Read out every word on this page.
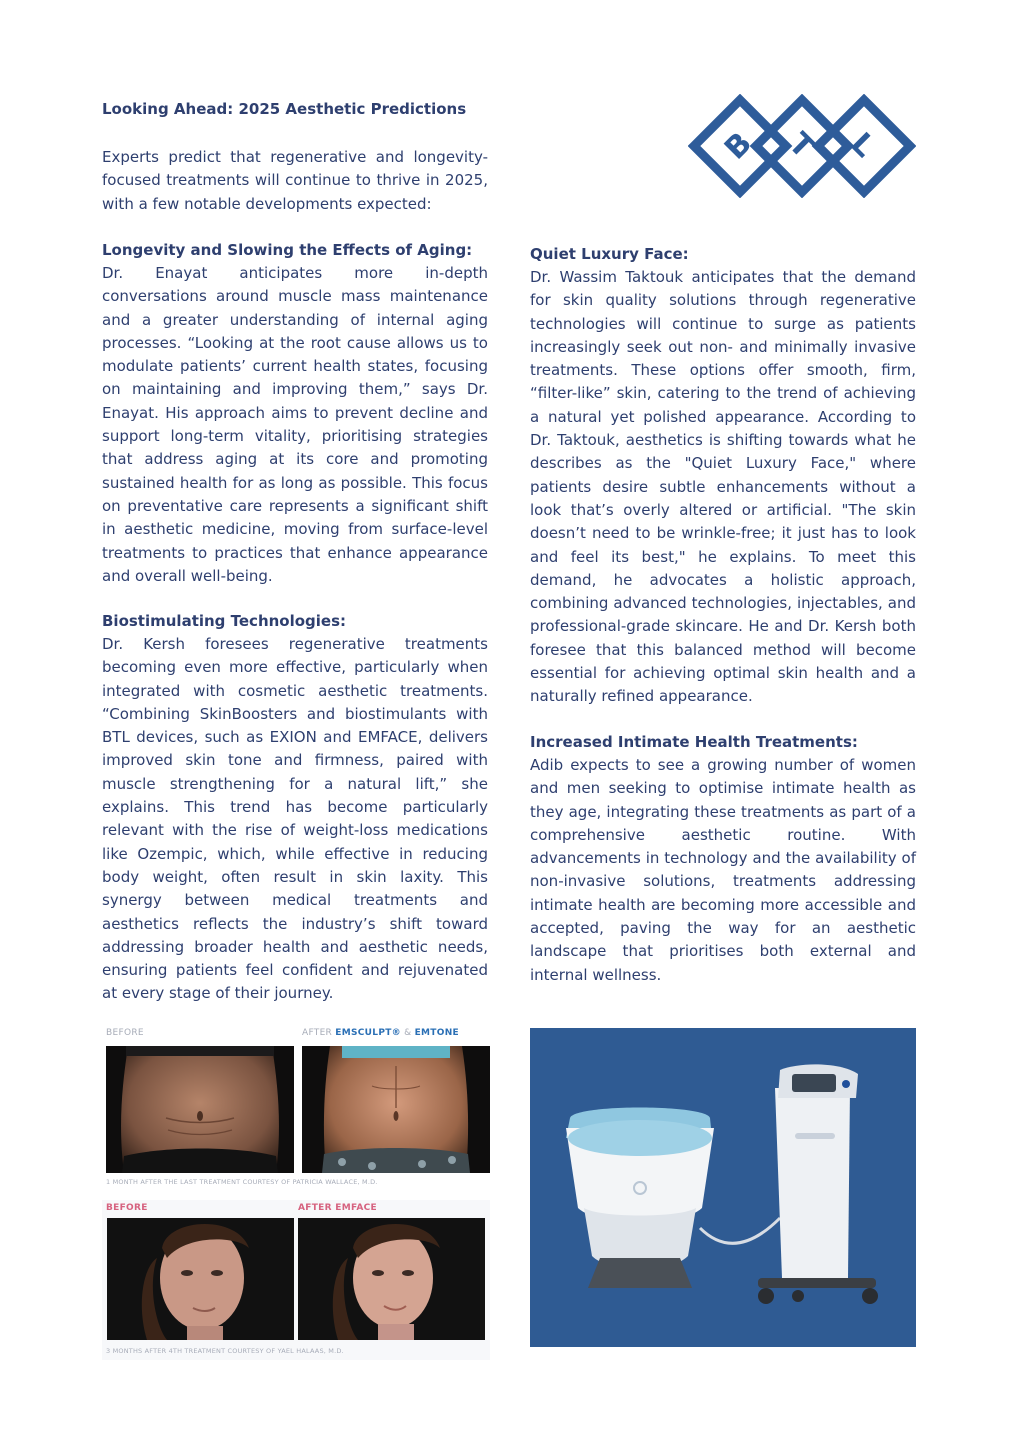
Looking Ahead: 2025 Aesthetic Predictions

Experts predict that regenerative and longevity-focused treatments will continue to thrive in 2025, with a few notable developments expected:

B T L
Longevity and Slowing the Effects of Aging:

Dr. Enayat anticipates more in-depth conversations around muscle mass maintenance and a greater understanding of internal aging processes. “Looking at the root cause allows us to modulate patients’ current health states, focusing on maintaining and improving them,” says Dr. Enayat. His approach aims to prevent decline and support long-term vitality, prioritising strategies that address aging at its core and promoting sustained health for as long as possible. This focus on preventative care represents a significant shift in aesthetic medicine, moving from surface-level treatments to practices that enhance appearance and overall well-being.

Biostimulating Technologies:

Dr. Kersh foresees regenerative treatments becoming even more effective, particularly when integrated with cosmetic aesthetic treatments. “Combining SkinBoosters and biostimulants with BTL devices, such as EXION and EMFACE, delivers improved skin tone and firmness, paired with muscle strengthening for a natural lift,” she explains. This trend has become particularly relevant with the rise of weight-loss medications like Ozempic, which, while effective in reducing body weight, often result in skin laxity. This synergy between medical treatments and aesthetics reflects the industry’s shift toward addressing broader health and aesthetic needs, ensuring patients feel confident and rejuvenated at every stage of their journey.

Quiet Luxury Face:

Dr. Wassim Taktouk anticipates that the demand for skin quality solutions through regenerative technologies will continue to surge as patients increasingly seek out non- and minimally invasive treatments. These options offer smooth, firm, “filter-like” skin, catering to the trend of achieving a natural yet polished appearance. According to Dr. Taktouk, aesthetics is shifting towards what he describes as the "Quiet Luxury Face," where patients desire subtle enhancements without a look that’s overly altered or artificial. "The skin doesn’t need to be wrinkle-free; it just has to look and feel its best," he explains. To meet this demand, he advocates a holistic approach, combining advanced technologies, injectables, and professional-grade skincare. He and Dr. Kersh both foresee that this balanced method will become essential for achieving optimal skin health and a naturally refined appearance.

Increased Intimate Health Treatments:

Adib expects to see a growing number of women and men seeking to optimise intimate health as they age, integrating these treatments as part of a comprehensive aesthetic routine. With advancements in technology and the availability of non-invasive solutions, treatments addressing intimate health are becoming more accessible and accepted, paving the way for an aesthetic landscape that prioritises both external and internal wellness.

BEFORE	AFTER EMSCULPT® & EMTONE
1 MONTH AFTER THE LAST TREATMENT COURTESY OF PATRICIA WALLACE, M.D.
BEFORE	AFTER EMFACE
3 MONTHS AFTER 4TH TREATMENT COURTESY OF YAEL HALAAS, M.D.
